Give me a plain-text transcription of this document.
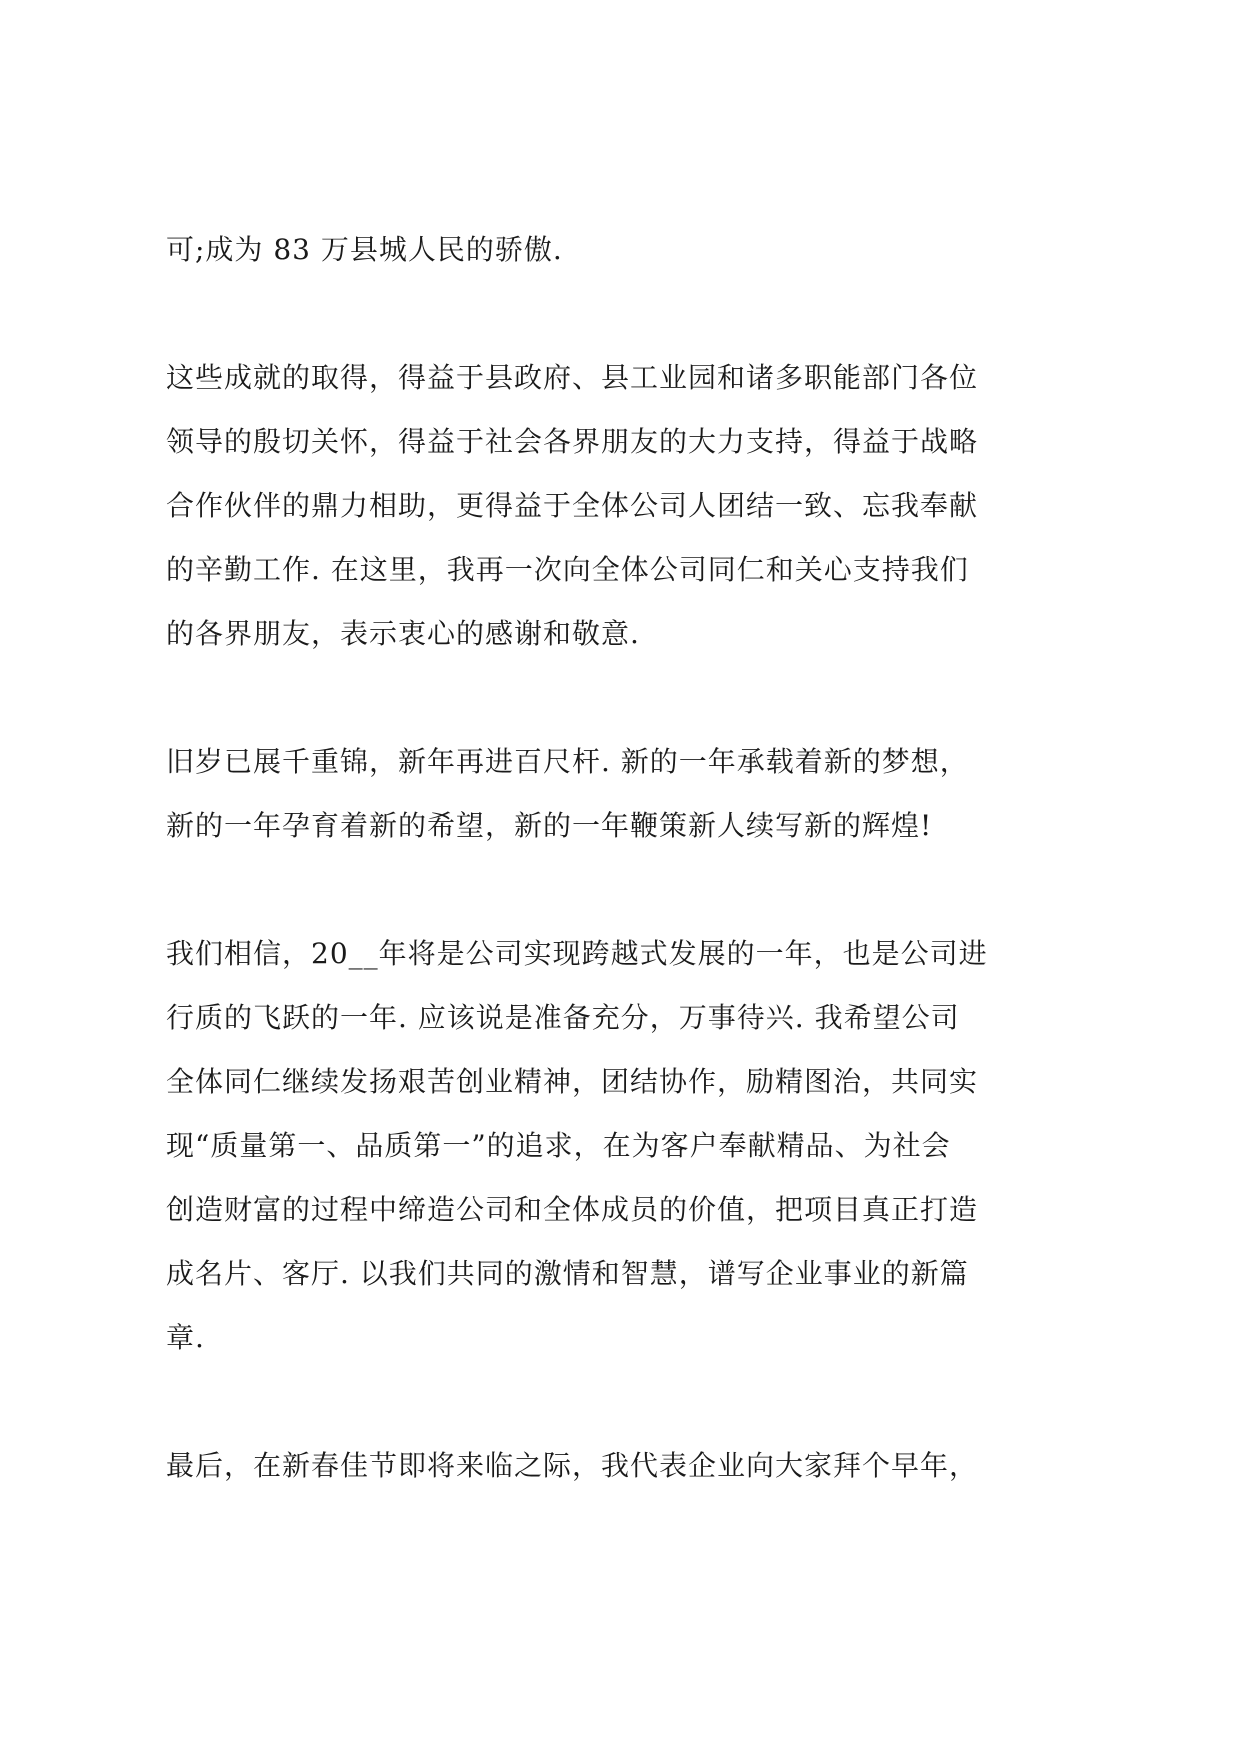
可;成为 83 万县城人民的骄傲.
这些成就的取得，得益于县政府、县工业园和诸多职能部门各位
领导的殷切关怀，得益于社会各界朋友的大力支持，得益于战略
合作伙伴的鼎力相助，更得益于全体公司人团结一致、忘我奉献
的辛勤工作. 在这里，我再一次向全体公司同仁和关心支持我们
的各界朋友，表示衷心的感谢和敬意.
旧岁已展千重锦，新年再进百尺杆. 新的一年承载着新的梦想，
新的一年孕育着新的希望，新的一年鞭策新人续写新的辉煌!
我们相信，20__年将是公司实现跨越式发展的一年，也是公司进
行质的飞跃的一年. 应该说是准备充分，万事待兴. 我希望公司
全体同仁继续发扬艰苦创业精神，团结协作，励精图治，共同实
现“质量第一、品质第一”的追求，在为客户奉献精品、为社会
创造财富的过程中缔造公司和全体成员的价值，把项目真正打造
成名片、客厅. 以我们共同的激情和智慧，谱写企业事业的新篇
章.
最后，在新春佳节即将来临之际，我代表企业向大家拜个早年，
